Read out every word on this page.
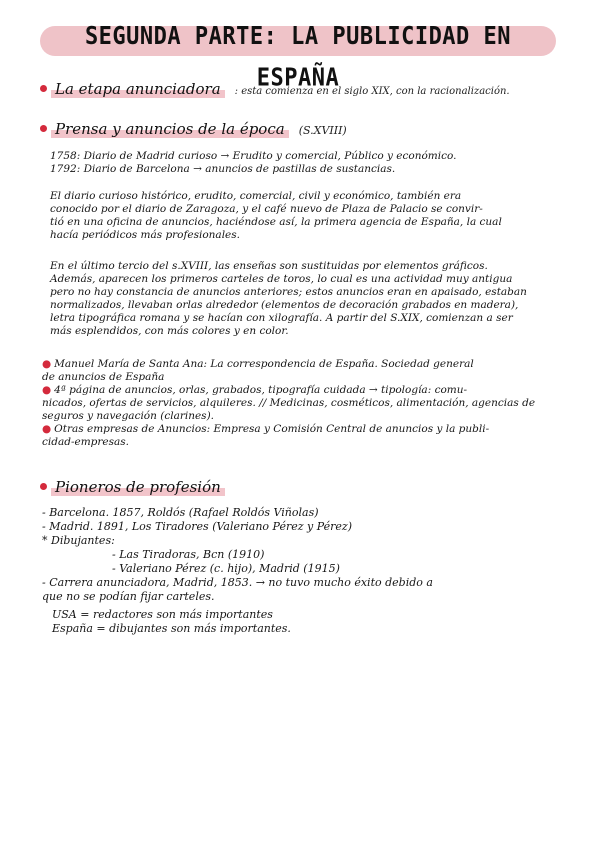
SEGUNDA PARTE: LA PUBLICIDAD EN ESPAÑA
La etapa anunciadora	: esta comienza en el siglo XIX, con la racionalización.
Prensa y anuncios de la época	(S.XVIII)
1758: Diario de Madrid curioso → Erudito y comercial, Público y económico.
1792: Diario de Barcelona → anuncios de pastillas de sustancias.
El diario curioso histórico, erudito, comercial, civil y económico, también era
conocido por el diario de Zaragoza, y el café nuevo de Plaza de Palacio se convir-
tió en una oficina de anuncios, haciéndose así, la primera agencia de España, la cual
hacía periódicos más profesionales.
En el último tercio del s.XVIII, las enseñas son sustituidas por elementos gráficos.
Además, aparecen los primeros carteles de toros, lo cual es una actividad muy antigua
pero no hay constancia de anuncios anteriores; estos anuncios eran en apaisado, estaban
normalizados, llevaban orlas alrededor (elementos de decoración grabados en madera),
letra tipográfica romana y se hacían con xilografía. A partir del S.XIX, comienzan a ser
más esplendidos, con más colores y en color.
● Manuel María de Santa Ana: La correspondencia de España. Sociedad general
de anuncios de España
● 4ª página de anuncios, orlas, grabados, tipografía cuidada → tipología: comu-
nicados, ofertas de servicios, alquileres. // Medicinas, cosméticos, alimentación, agencias de
seguros y navegación (clarines).
● Otras empresas de Anuncios: Empresa y Comisión Central de anuncios y la publi-
cidad-empresas.
Pioneros de profesión
- Barcelona. 1857, Roldós (Rafael Roldós Viñolas)
- Madrid. 1891, Los Tiradores (Valeriano Pérez y Pérez)
* Dibujantes:
- Las Tiradoras, Bcn (1910)
- Valeriano Pérez (c. hijo), Madrid (1915)
- Carrera anunciadora, Madrid, 1853. → no tuvo mucho éxito debido a
que no se podían fijar carteles.
USA = redactores son más importantes
España = dibujantes son más importantes.
